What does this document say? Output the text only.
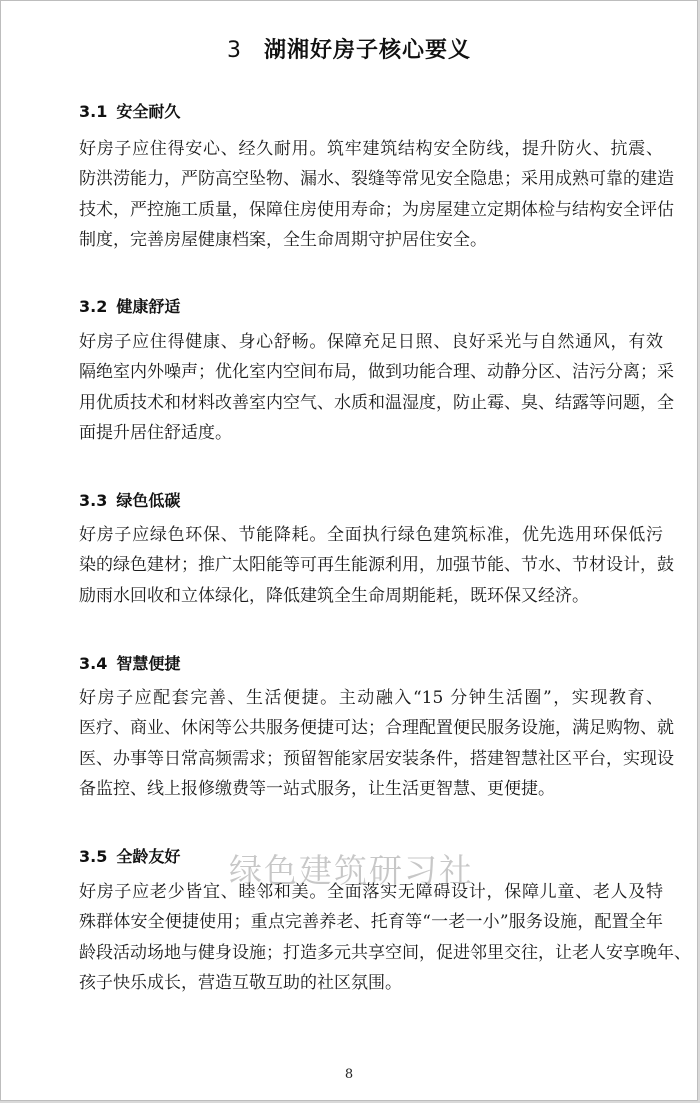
3 湖湘好房子核心要义
3.1 安全耐久
好房子应住得安心、经久耐用。筑牢建筑结构安全防线，提升防火、抗震、
防洪涝能力，严防高空坠物、漏水、裂缝等常见安全隐患；采用成熟可靠的建造
技术，严控施工质量，保障住房使用寿命；为房屋建立定期体检与结构安全评估
制度，完善房屋健康档案，全生命周期守护居住安全。
3.2 健康舒适
好房子应住得健康、身心舒畅。保障充足日照、良好采光与自然通风，有效
隔绝室内外噪声；优化室内空间布局，做到功能合理、动静分区、洁污分离；采
用优质技术和材料改善室内空气、水质和温湿度，防止霉、臭、结露等问题，全
面提升居住舒适度。
3.3 绿色低碳
好房子应绿色环保、节能降耗。全面执行绿色建筑标准，优先选用环保低污
染的绿色建材；推广太阳能等可再生能源利用，加强节能、节水、节材设计，鼓
励雨水回收和立体绿化，降低建筑全生命周期能耗，既环保又经济。
3.4 智慧便捷
好房子应配套完善、生活便捷。主动融入“15 分钟生活圈”，实现教育、
医疗、商业、休闲等公共服务便捷可达；合理配置便民服务设施，满足购物、就
医、办事等日常高频需求；预留智能家居安装条件，搭建智慧社区平台，实现设
备监控、线上报修缴费等一站式服务，让生活更智慧、更便捷。
3.5 全龄友好
好房子应老少皆宜、睦邻和美。全面落实无障碍设计，保障儿童、老人及特
殊群体安全便捷使用；重点完善养老、托育等“一老一小”服务设施，配置全年
龄段活动场地与健身设施；打造多元共享空间，促进邻里交往，让老人安享晚年、
孩子快乐成长，营造互敬互助的社区氛围。
绿色建筑研习社
8
